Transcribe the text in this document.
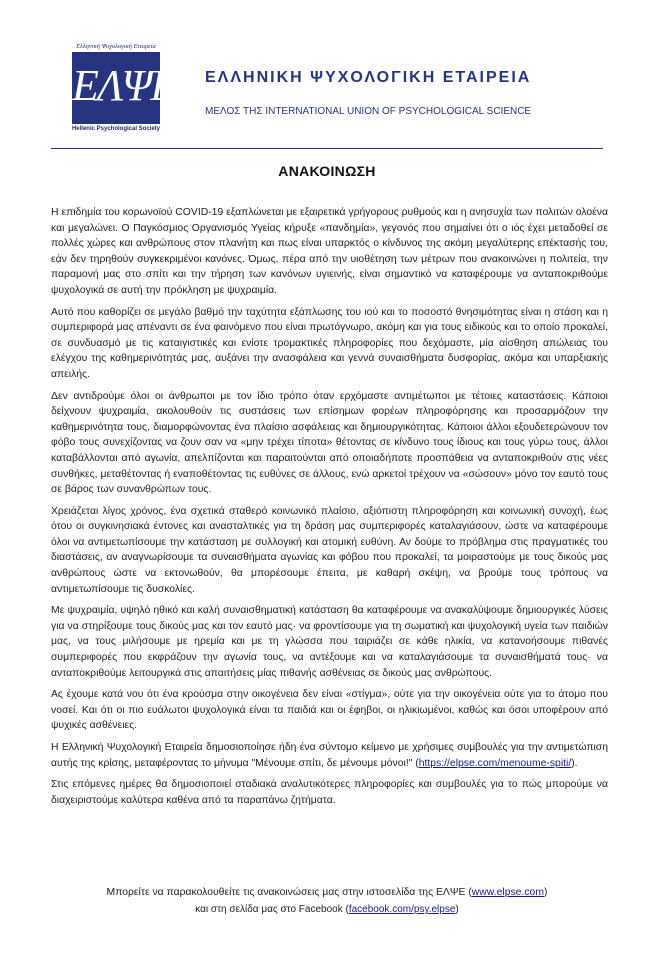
Ελληνική Ψυχολογική Εταιρεία
ΕΛΨΕ
Hellenic Psychological Society
ΕΛΛΗΝΙΚΗ ΨΥΧΟΛΟΓΙΚΗ ΕΤΑΙΡΕΙΑ
ΜΕΛΟΣ ΤΗΣ INTERNATIONAL UNION OF PSYCHOLOGICAL SCIENCE
ΑΝΑΚΟΙΝΩΣΗ

Η επιδημία του κορωνοϊού COVID-19 εξαπλώνεται με εξαιρετικά γρήγορους ρυθμούς και η ανησυχία των πολιτών ολοένα και μεγαλώνει. Ο Παγκόσμιος Οργανισμός Υγείας κήρυξε «πανδημία», γεγονός που σημαίνει ότι ο ιός έχει μεταδοθεί σε πολλές χώρες και ανθρώπους στον πλανήτη και πως είναι υπαρκτός ο κίνδυνος της ακόμη μεγαλύτερης επέκτασής του, εάν δεν τηρηθούν συγκεκριμένοι κανόνες. Όμως, πέρα από την υιοθέτηση των μέτρων που ανακοινώνει η πολιτεία, την παραμονή μας στο σπίτι και την τήρηση των κανόνων υγιεινής, είναι σημαντικό να καταφέρουμε να ανταποκριθούμε ψυχολογικά σε αυτή την πρόκληση με ψυχραιμία.

Αυτό που καθορίζει σε μεγάλο βαθμό την ταχύτητα εξάπλωσης του ιού και το ποσοστό θνησιμότητας είναι η στάση και η συμπεριφορά μας απέναντι σε ένα φαινόμενο που είναι πρωτόγνωρο, ακόμη και για τους ειδικούς και το οποίο προκαλεί, σε συνδυασμό με τις καταιγιστικές και ενίοτε τρομακτικές πληροφορίες που δεχόμαστε, μία αίσθηση απώλειας του ελέγχου της καθημερινότητάς μας, αυξάνει την ανασφάλεια και γεννά συναισθήματα δυσφορίας, ακόμα και υπαρξιακής απειλής.

Δεν αντιδρούμε όλοι οι άνθρωποι με τον ίδιο τρόπο όταν ερχόμαστε αντιμέτωποι με τέτοιες καταστάσεις. Κάποιοι δείχνουν ψυχραιμία, ακολουθούν τις συστάσεις των επίσημων φορέων πληροφόρησης και προσαρμόζουν την καθημερινότητα τους, διαμορφώνοντας ένα πλαίσιο ασφάλειας και δημιουργικότητας. Κάποιοι άλλοι εξουδετερώνουν τον φόβο τους συνεχίζοντας να ζουν σαν να «μην τρέχει τίποτα» θέτοντας σε κίνδυνο τους ίδιους και τους γύρω τους, άλλοι καταβάλλονται από αγωνία, απελπίζονται και παραιτούνται από οποιαδήποτε προσπάθεια να ανταποκριθούν στις νέες συνθήκες, μεταθέτοντας ή εναποθέτοντας τις ευθύνες σε άλλους, ενώ αρκετοί τρέχουν να «σώσουν» μόνο τον εαυτό τους σε βάρος των συνανθρώπων τους.

Χρειάζεται λίγος χρόνος, ένα σχετικά σταθερό κοινωνικό πλαίσιο, αξιόπιστη πληροφόρηση και κοινωνική συνοχή, έως ότου οι συγκινησιακά έντονες και ανασταλτικές για τη δράση μας συμπεριφορές καταλαγιάσουν, ώστε να καταφέρουμε όλοι να αντιμετωπίσουμε την κατάσταση με συλλογική και ατομική ευθύνη. Αν δούμε το πρόβλημα στις πραγματικές του διαστάσεις, αν αναγνωρίσουμε τα συναισθήματα αγωνίας και φόβου που προκαλεί, τα μοιραστούμε με τους δικούς μας ανθρώπους ώστε να εκτονωθούν, θα μπορέσουμε έπειτα, με καθαρή σκέψη, να βρούμε τους τρόπους να αντιμετωπίσουμε τις δυσκολίες.

Με ψυχραιμία, υψηλό ηθικό και καλή συναισθηματική κατάσταση θα καταφέρουμε να ανακαλύψουμε δημιουργικές λύσεις για να στηρίξουμε τους δικούς μας και τον εαυτό μας· να φροντίσουμε για τη σωματική και ψυχολογική υγεία των παιδιών μας, να τους μιλήσουμε με ηρεμία και με τη γλώσσα που ταιριάζει σε κάθε ηλικία, να κατανοήσουμε πιθανές συμπεριφορές που εκφράζουν την αγωνία τους, να αντέξουμε και να καταλαγιάσουμε τα συναισθήματά τους· να ανταποκριθούμε λειτουργικά στις απαιτήσεις μίας πιθανής ασθένειας σε δικούς μας ανθρώπους.

Ας έχουμε κατά νου ότι ένα κρούσμα στην οικογένεια δεν είναι «στίγμα», ούτε για την οικογένεια ούτε για το άτομο που νοσεί. Και ότι οι πιο ευάλωτοι ψυχολογικά είναι τα παιδιά και οι έφηβοι, οι ηλικιωμένοι, καθώς και όσοι υποφέρουν από ψυχικές ασθένειες.

Η Ελληνική Ψυχολογική Εταιρεία δημοσιοποίησε ήδη ένα σύντομο κείμενο με χρήσιμες συμβουλές για την αντιμετώπιση αυτής της κρίσης, μεταφέροντας το μήνυμα "Μένουμε σπίτι, δε μένουμε μόνοι!" (https://elpse.com/menoume-spiti/).

Στις επόμενες ημέρες θα δημοσιοποιεί σταδιακά αναλυτικότερες πληροφορίες και συμβουλές για το πώς μπορούμε να διαχειριστούμε καλύτερα καθένα από τα παραπάνω ζητήματα.

Μπορείτε να παρακολουθείτε τις ανακοινώσεις μας στην ιστοσελίδα της ΕΛΨΕ (www.elpse.com)
και στη σελίδα μας στο Facebook (facebook.com/psy.elpse)
